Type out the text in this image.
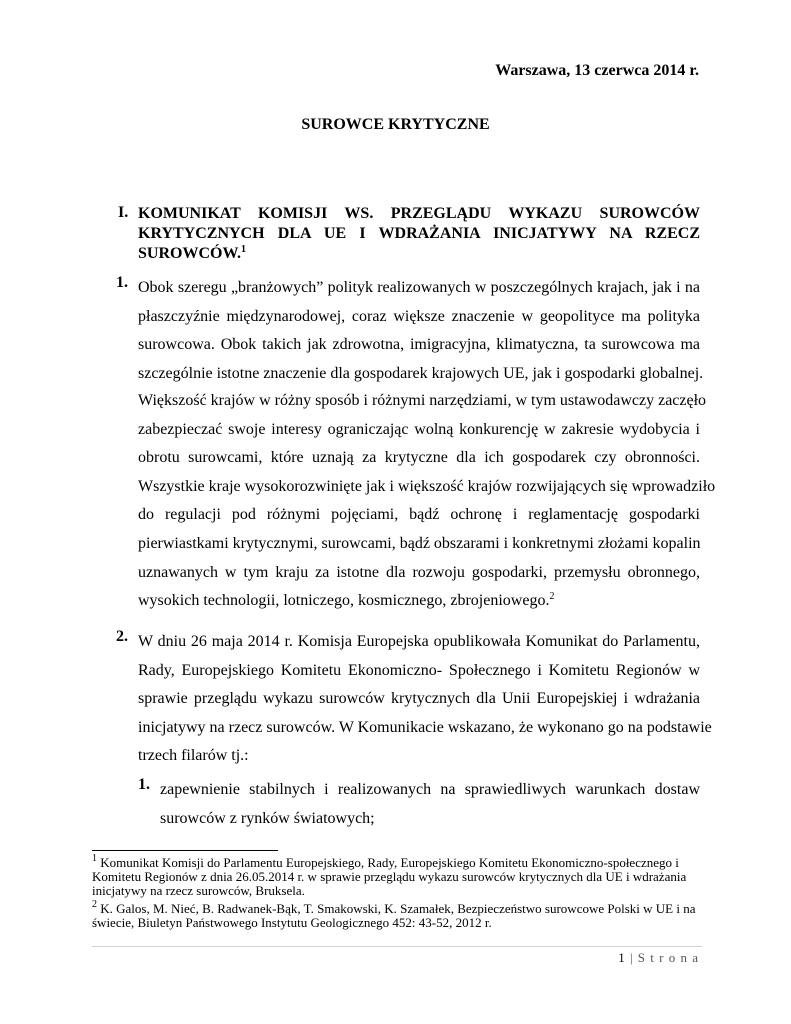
Warszawa, 13 czerwca 2014 r.
SUROWCE KRYTYCZNE
I. KOMUNIKAT KOMISJI WS. PRZEGLĄDU WYKAZU SUROWCÓW
KRYTYCZNYCH DLA UE I WDRAŻANIA INICJATYWY NA RZECZ
SUROWCÓW.$^1$
1. Obok szeregu „branżowych” polityk realizowanych w poszczególnych krajach, jak i na
płaszczyźnie międzynarodowej, coraz większe znaczenie w geopolityce ma polityka
surowcowa. Obok takich jak zdrowotna, imigracyjna, klimatyczna, ta surowcowa ma
szczególnie istotne znaczenie dla gospodarek krajowych UE, jak i gospodarki globalnej.
Większość krajów w różny sposób i różnymi narzędziami, w tym ustawodawczy zaczęło
zabezpieczać swoje interesy ograniczając wolną konkurencję w zakresie wydobycia i
obrotu surowcami, które uznają za krytyczne dla ich gospodarek czy obronności.
Wszystkie kraje wysokorozwinięte jak i większość krajów rozwijających się wprowadziło
do regulacji pod różnymi pojęciami, bądź ochronę i reglamentację gospodarki
pierwiastkami krytycznymi, surowcami, bądź obszarami i konkretnymi złożami kopalin
uznawanych w tym kraju za istotne dla rozwoju gospodarki, przemysłu obronnego,
wysokich technologii, lotniczego, kosmicznego, zbrojeniowego.$^2$
2. W dniu 26 maja 2014 r. Komisja Europejska opublikowała Komunikat do Parlamentu,
Rady, Europejskiego Komitetu Ekonomiczno- Społecznego i Komitetu Regionów w
sprawie przeglądu wykazu surowców krytycznych dla Unii Europejskiej i wdrażania
inicjatywy na rzecz surowców. W Komunikacie wskazano, że wykonano go na podstawie
trzech filarów tj.:
1. zapewnienie stabilnych i realizowanych na sprawiedliwych warunkach dostaw
surowców z rynków światowych;
$^1$ Komunikat Komisji do Parlamentu Europejskiego, Rady, Europejskiego Komitetu Ekonomiczno-społecznego i
Komitetu Regionów z dnia 26.05.2014 r. w sprawie przeglądu wykazu surowców krytycznych dla UE i wdrażania
inicjatywy na rzecz surowców, Bruksela.
$^2$ K. Galos, M. Nieć, B. Radwanek-Bąk, T. Smakowski, K. Szamałek, Bezpieczeństwo surowcowe Polski w UE i na
świecie, Biuletyn Państwowego Instytutu Geologicznego 452: 43-52, 2012 r.
1 | S t r o n a
